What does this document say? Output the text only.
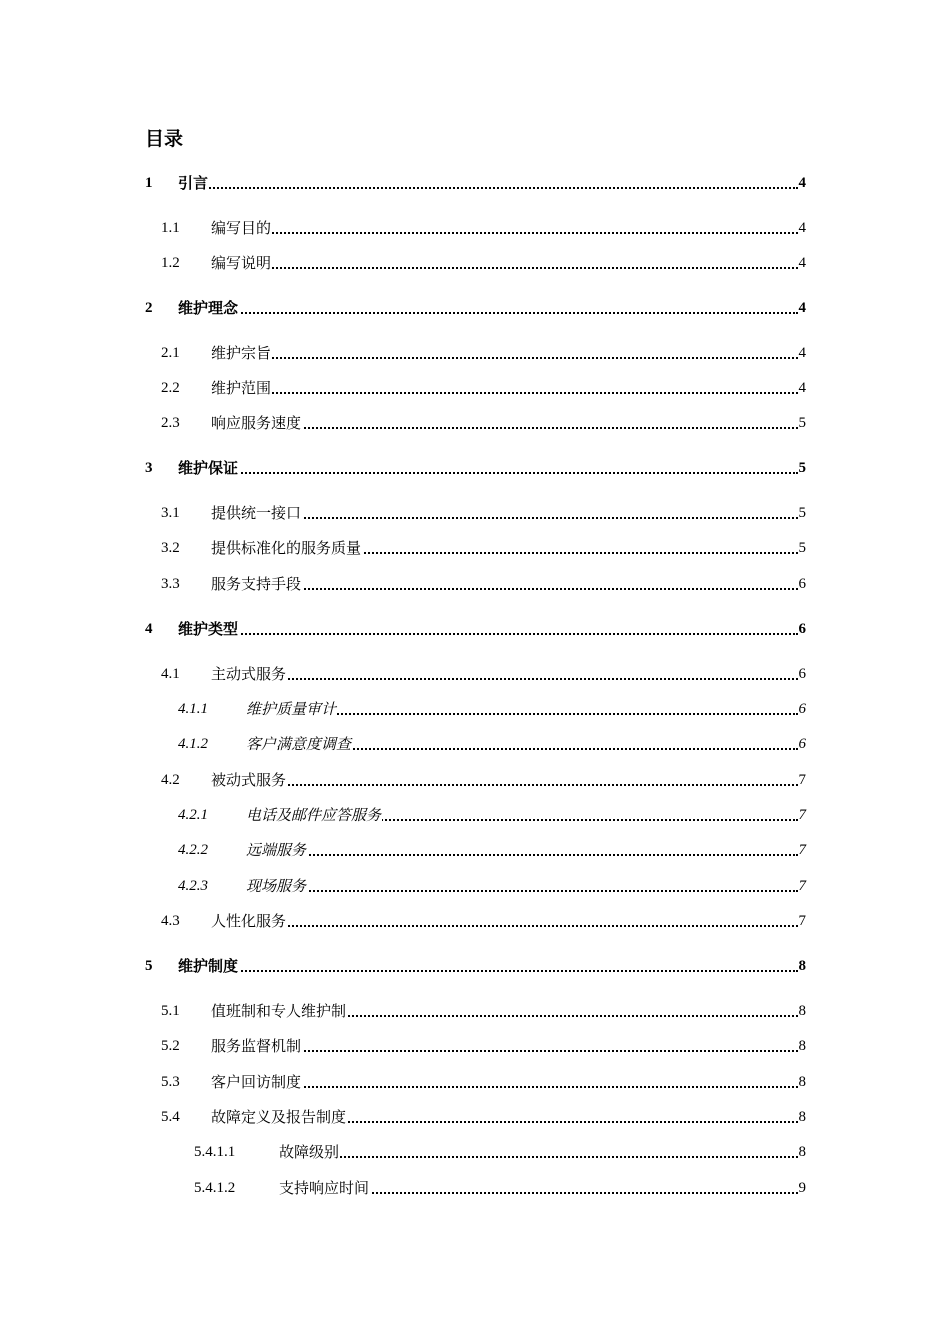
目录
1 引言	4
1.1 编写目的	4
1.2 编写说明	4
2 维护理念	4
2.1 维护宗旨	4
2.2 维护范围	4
2.3 响应服务速度	5
3 维护保证	5
3.1 提供统一接口	5
3.2 提供标准化的服务质量	5
3.3 服务支持手段	6
4 维护类型	6
4.1 主动式服务	6
4.1.1	维护质量审计	6
4.1.2	客户满意度调查	6
4.2 被动式服务	7
4.2.1	电话及邮件应答服务	7
4.2.2	远端服务	7
4.2.3	现场服务	7
4.3 人性化服务	7
5 维护制度	8
5.1 值班制和专人维护制	8
5.2 服务监督机制	8
5.3 客户回访制度	8
5.4 故障定义及报告制度	8
5.4.1.1	故障级别	8
5.4.1.2	支持响应时间	9
